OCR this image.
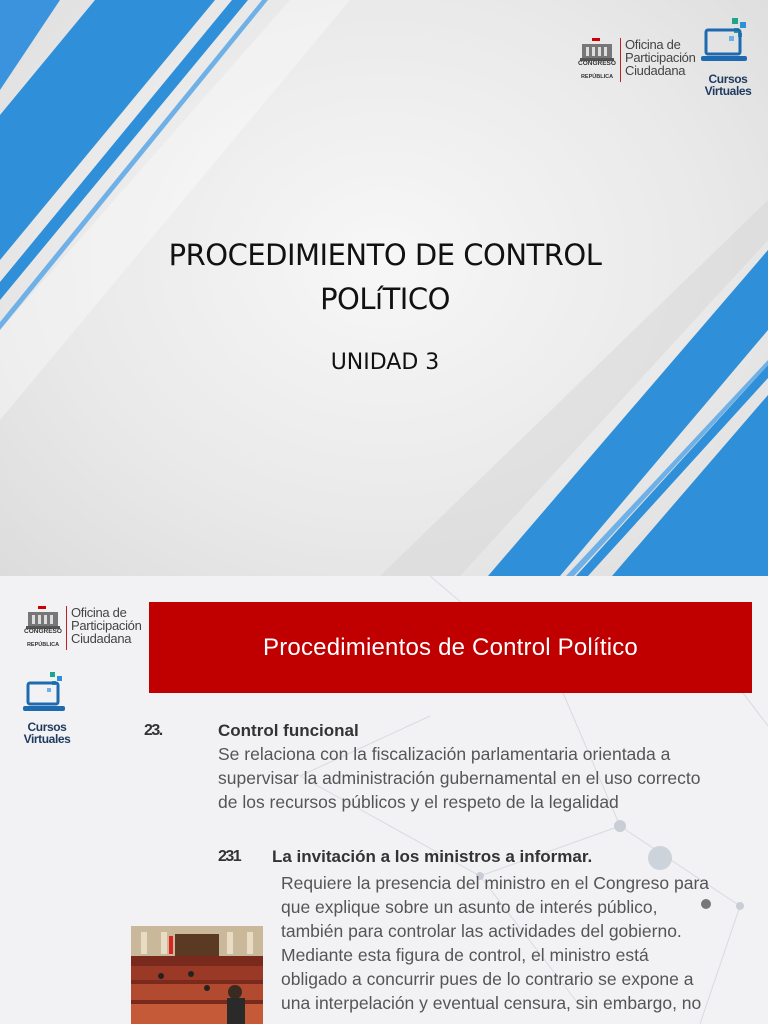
PROCEDIMIENTO DE CONTROL
POLíTICO
UNIDAD 3
CONGRESO
REPÚBLICA
Oficina de
Participación
Ciudadana
Cursos
Virtuales
CONGRESO
REPÚBLICA
Oficina de
Participación
Ciudadana
Cursos
Virtuales
Procedimientos de Control Político
23.	Control funcional
Se relaciona con la fiscalización parlamentaria orientada a
supervisar la administración gubernamental en el uso correcto
de los recursos públicos y el respeto de la legalidad
231 La invitación a los ministros a informar.
Requiere la presencia del ministro en el Congreso para
que explique sobre un asunto de interés público,
también para controlar las actividades del gobierno.
Mediante esta figura de control, el ministro está
obligado a concurrir pues de lo contrario se expone a
una interpelación y eventual censura, sin embargo, no
